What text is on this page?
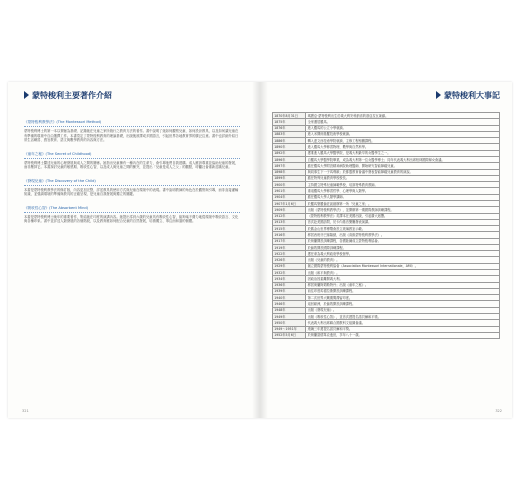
蒙特梭利主要著作介紹
《蒙特梭利教學法》(The Montessori Method)
蒙特梭利博士的第一本以實驗為基礎、記錄她在兒童之家所施行之教育方法的著作。書中說明了她如何觀察兒童、如何設計教具，以及如何讓兒童在有準備的環境中自由選擇工作。本書奠定了蒙特梭利教育的理論基礎，出版後被譯成多國語言，引起世界各地教育界的廣泛注意。書中也詳細介紹日常生活練習、感官教育、語文與數學教育的內容與方法。
《童年之秘》(The Secret of Childhood)
蒙特梭利博士闡述兒童的心理發展與成人之間的關係。她指出兒童擁有一種內在的生命力，會引導他們自我建構。成人應該尊重並協助兒童的發展，而非壓抑它。本書探討兒童的敏感期、吸收性心智，以及成人與兒童之間的衝突，並提出「兒童是成人之父」的觀點，呼籲社會重新認識兒童。
《發現兒童》(The Discovery of the Child)
本書是蒙特梭利教學法的修訂版，內容更加完整，詳述教具的使用方式與兒童在環境中的表現。書中說明教師的角色在於觀察與引導，而非直接灌輸知識，並強調環境的準備與教具的正確呈現，是兒童自我發展與獨立的關鍵。
《吸收性心智》(The Absorbent Mind)
本書是蒙特梭利博士晚年的重要著作，集結她在印度的演講內容。她提出零到六歲的兒童具有吸收性心智，能夠毫不費力地從環境中吸收語言、文化與各種印象。書中並詳述人類發展的各個階段，以及教育應如何配合兒童的自然發展，培養獨立、專注而和諧的個體。
321
蒙特梭利大事記
1870年8月31日	瑪麗亞·蒙特梭利出生於義大利安科納省的基亞拉瓦萊鎮。
1875年	全家遷居羅馬。
1876年	進入羅馬的公立小學就讀。
1883年	進入米開朗基羅技術學校就讀。
1886年	轉入達文西技術學院就讀，主修工程相關課程。
1890年	進入羅馬大學修習物理、數學與自然科學。
1892年	獲准進入羅馬大學醫學院，是義大利最早的女醫學生之一。
1896年	自羅馬大學醫學院畢業，成為義大利第一位女醫學博士；同年代表義大利出席柏林國際婦女會議。
1897年	擔任羅馬大學附設精神病院助理醫師，開始研究智能障礙兒童。
1898年	與同事生下一子馬利歐；於都靈教育會議中發表智能障礙兒童教育的演說。
1899年	擔任特殊兒童教育學校校長。
1900年	主持國立特殊兒童師範學校，培訓特殊教育教師。
1901年	重返羅馬大學修習哲學、心理學與人類學。
1904年	擔任羅馬大學人類學講師。
1907年1月6日	於羅馬聖羅倫佐區創辦第一所「兒童之家」。
1909年	出版《蒙特梭利教學法》，並開辦第一期國際教師訓練課程。
1912年	《蒙特梭利教學法》英譯本在美國出版，引起廣大迴響。
1913年	首次赴美國訪問，於卡內基音樂廳發表演講。
1915年	於舊金山世界博覽會設立玻璃教室示範。
1916年	移居西班牙巴塞隆納，出版《高級蒙特梭利教學法》。
1917年	於荷蘭開設訓練課程，各國陸續成立蒙特梭利協會。
1919年	於倫敦開設國際訓練課程。
1922年	獲任命為義大利政府學校督學。
1926年	出版《兒童的教育》。
1929年	創立國際蒙特梭利協會（Association Montessori Internationale，AMI）。
1932年	出版《和平與教育》。
1934年	因政治因素離開義大利。
1936年	移居荷蘭阿姆斯特丹；出版《童年之秘》。
1939年	前往印度馬德拉斯開設訓練課程。
1940年	第二次世界大戰期間滯留印度。
1946年	返回歐洲，於倫敦開設訓練課程。
1948年	出版《發現兒童》。
1949年	出版《吸收性心智》，並首次獲提名諾貝爾和平獎。
1950年	代表義大利出席聯合國教科文組織會議。
1949～1951年	連續三年獲提名諾貝爾和平獎。
1952年5月6日	於荷蘭諾德韋克逝世，享年八十一歲。
322
